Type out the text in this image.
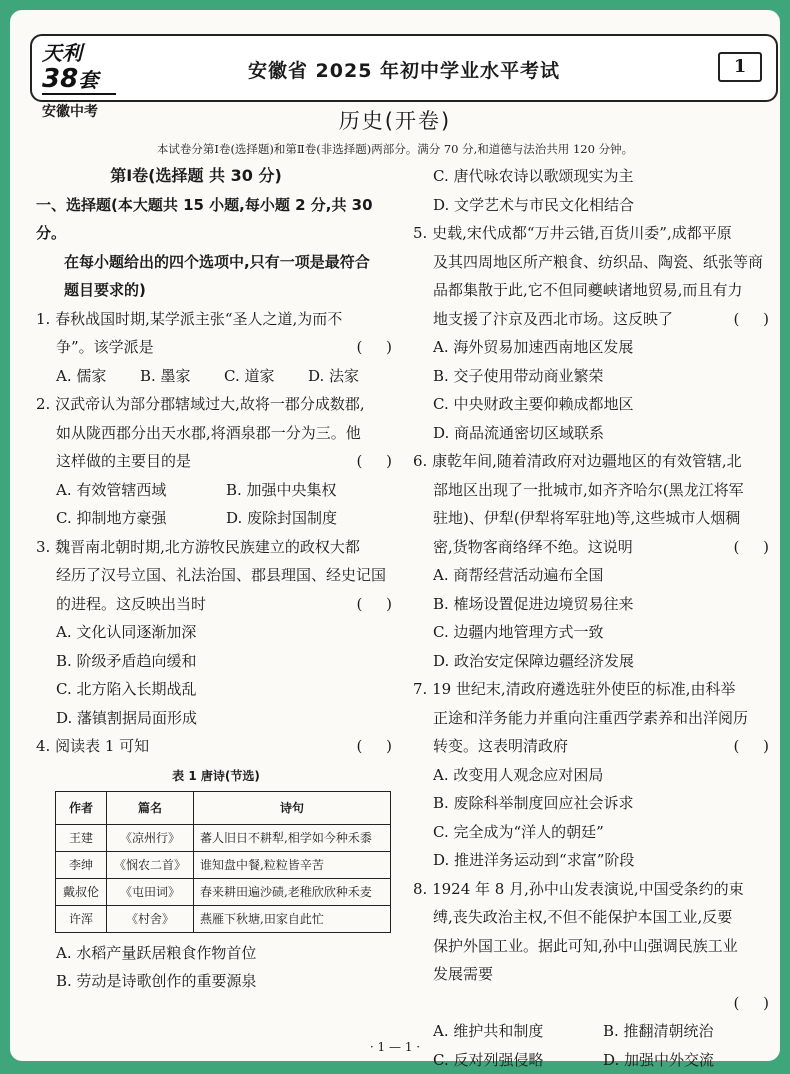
天利38套
安徽中考
安徽省 2025 年初中学业水平考试	1
历史(开卷)
本试卷分第Ⅰ卷(选择题)和第Ⅱ卷(非选择题)两部分。满分 70 分,和道德与法治共用 120 分钟。
第Ⅰ卷(选择题 共 30 分)
一、选择题(本大题共 15 小题,每小题 2 分,共 30 分。
在每小题给出的四个选项中,只有一项是最符合
题目要求的)
1. 春秋战国时期,某学派主张“圣人之道,为而不
争”。该学派是	(     )
A. 儒家	B. 墨家	C. 道家	D. 法家
2. 汉武帝认为部分郡辖域过大,故将一郡分成数郡,
如从陇西郡分出天水郡,将酒泉郡一分为三。他
这样做的主要目的是	(     )
A. 有效管辖西域	B. 加强中央集权
C. 抑制地方豪强	D. 废除封国制度
3. 魏晋南北朝时期,北方游牧民族建立的政权大都
经历了汉号立国、礼法治国、郡县理国、经史记国
的进程。这反映出当时	(     )
A. 文化认同逐渐加深
B. 阶级矛盾趋向缓和
C. 北方陷入长期战乱
D. 藩镇割据局面形成
4. 阅读表 1 可知	(     )
表 1 唐诗(节选)
作者	篇名	诗句
王建	《凉州行》	蕃人旧日不耕犁,相学如今种禾黍
李绅	《悯农二首》	谁知盘中餐,粒粒皆辛苦
戴叔伦	《屯田词》	春来耕田遍沙碛,老稚欣欣种禾麦
许浑	《村舍》	燕雁下秋塘,田家自此忙
A. 水稻产量跃居粮食作物首位
B. 劳动是诗歌创作的重要源泉
C. 唐代咏农诗以歌颂现实为主
D. 文学艺术与市民文化相结合
5. 史载,宋代成都“万井云错,百货川委”,成都平原
及其四周地区所产粮食、纺织品、陶瓷、纸张等商
品都集散于此,它不但同夔峡诸地贸易,而且有力
地支援了汴京及西北市场。这反映了	(     )
A. 海外贸易加速西南地区发展
B. 交子使用带动商业繁荣
C. 中央财政主要仰赖成都地区
D. 商品流通密切区域联系
6. 康乾年间,随着清政府对边疆地区的有效管辖,北
部地区出现了一批城市,如齐齐哈尔(黑龙江将军
驻地)、伊犁(伊犁将军驻地)等,这些城市人烟稠
密,货物客商络绎不绝。这说明	(     )
A. 商帮经营活动遍布全国
B. 榷场设置促进边境贸易往来
C. 边疆内地管理方式一致
D. 政治安定保障边疆经济发展
7. 19 世纪末,清政府遴选驻外使臣的标准,由科举
正途和洋务能力并重向注重西学素养和出洋阅历
转变。这表明清政府	(     )
A. 改变用人观念应对困局
B. 废除科举制度回应社会诉求
C. 完全成为“洋人的朝廷”
D. 推进洋务运动到“求富”阶段
8. 1924 年 8 月,孙中山发表演说,中国受条约的束
缚,丧失政治主权,不但不能保护本国工业,反要
保护外国工业。据此可知,孙中山强调民族工业
发展需要
(     )
A. 维护共和制度	B. 推翻清朝统治
C. 反对列强侵略	D. 加强中外交流
· 1 — 1 ·
